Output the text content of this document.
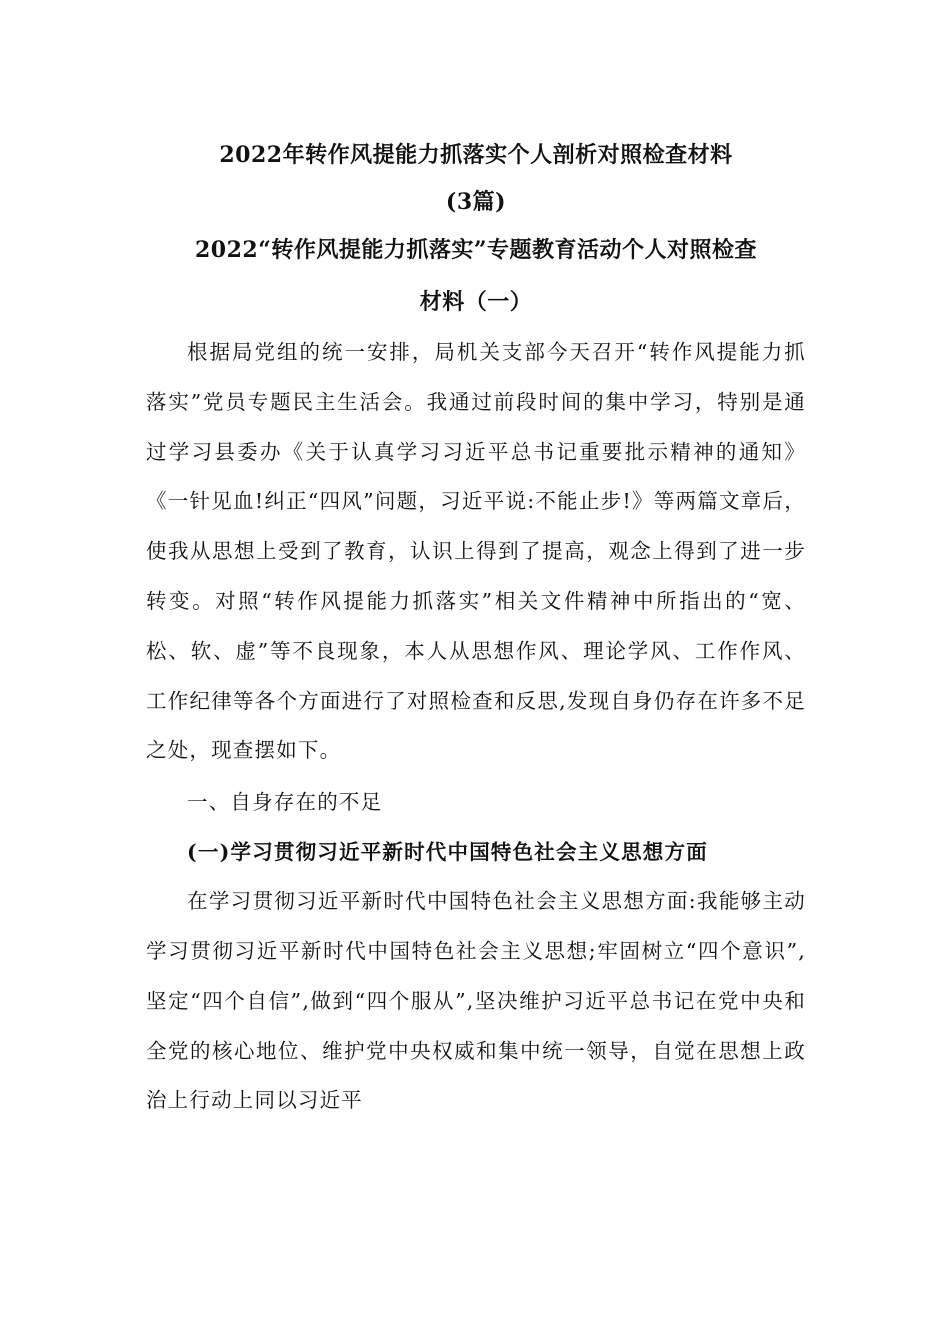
2022年转作风提能力抓落实个人剖析对照检查材料

(3篇)

2022“转作风提能力抓落实”专题教育活动个人对照检查

材料（一）

根据局党组的统一安排，局机关支部今天召开“转作风提能力抓落实”党员专题民主生活会。我通过前段时间的集中学习，特别是通过学习县委办《关于认真学习习近平总书记重要批示精神的通知》《一针见血!纠正“四风”问题，习近平说:不能止步!》等两篇文章后，使我从思想上受到了教育，认识上得到了提高，观念上得到了进一步转变。对照“转作风提能力抓落实”相关文件精神中所指出的“宽、松、软、虚”等不良现象，本人从思想作风、理论学风、工作作风、工作纪律等各个方面进行了对照检查和反思,发现自身仍存在许多不足之处，现查摆如下。

一、自身存在的不足

(一)学习贯彻习近平新时代中国特色社会主义思想方面

在学习贯彻习近平新时代中国特色社会主义思想方面:我能够主动学习贯彻习近平新时代中国特色社会主义思想;牢固树立“四个意识”,坚定“四个自信”,做到“四个服从”,坚决维护习近平总书记在党中央和全党的核心地位、维护党中央权威和集中统一领导，自觉在思想上政治上行动上同以习近平
